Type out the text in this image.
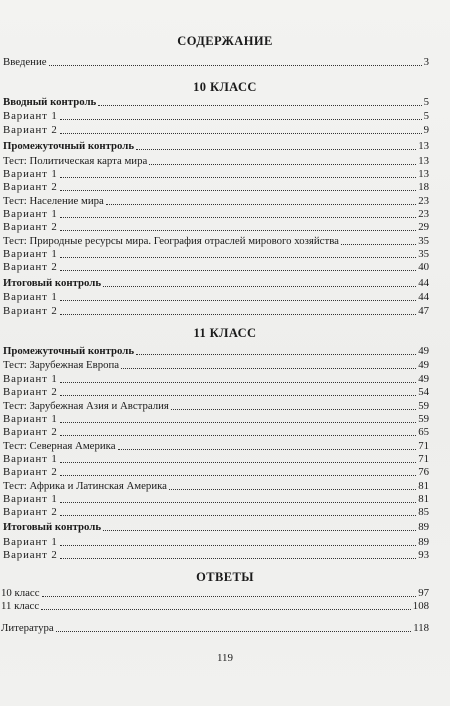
СОДЕРЖАНИЕ
Введение	3
10 КЛАСС
Вводный контроль	5
Вариант 1	5
Вариант 2	9
Промежуточный контроль	13
Тест: Политическая карта мира	13
Вариант 1	13
Вариант 2	18
Тест: Население мира	23
Вариант 1	23
Вариант 2	29
Тест: Природные ресурсы мира. География отраслей мирового хозяйства	35
Вариант 1	35
Вариант 2	40
Итоговый контроль	44
Вариант 1	44
Вариант 2	47
11 КЛАСС
Промежуточный контроль	49
Тест: Зарубежная Европа	49
Вариант 1	49
Вариант 2	54
Тест: Зарубежная Азия и Австралия	59
Вариант 1	59
Вариант 2	65
Тест: Северная Америка	71
Вариант 1	71
Вариант 2	76
Тест: Африка и Латинская Америка	81
Вариант 1	81
Вариант 2	85
Итоговый контроль	89
Вариант 1	89
Вариант 2	93
ОТВЕТЫ
10 класс	97
11 класс	108
Литература	118
119
